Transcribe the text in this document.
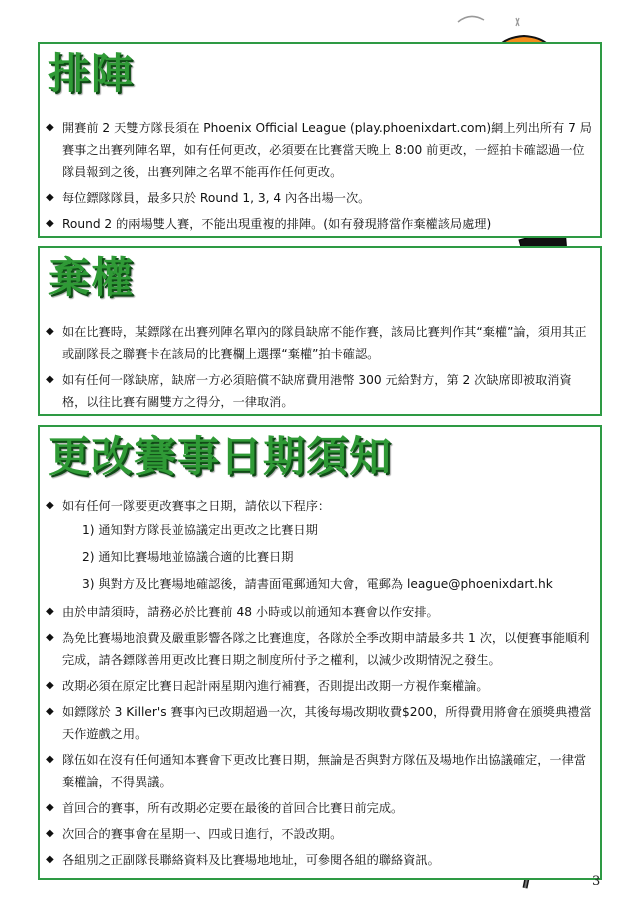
排陣
◆ 開賽前 2 天雙方隊長須在 Phoenix Official League (play.phoenixdart.com)網上列出所有 7 局賽事之出賽列陣名單，如有任何更改，必須要在比賽當天晚上 8:00 前更改，一經拍卡確認過一位隊員報到之後，出賽列陣之名單不能再作任何更改。
◆ 每位鏢隊隊員，最多只於 Round 1, 3, 4 內各出場一次。
◆ Round 2 的兩場雙人賽，不能出現重複的排陣。(如有發現將當作棄權該局處理)
棄權
◆ 如在比賽時，某鏢隊在出賽列陣名單內的隊員缺席不能作賽，該局比賽判作其“棄權”論，須用其正或副隊長之聯賽卡在該局的比賽欄上選擇“棄權”拍卡確認。
◆ 如有任何一隊缺席，缺席一方必須賠償不缺席費用港幣 300 元給對方，第 2 次缺席即被取消資格，以往比賽有關雙方之得分，一律取消。
更改賽事日期須知
◆ 如有任何一隊要更改賽事之日期，請依以下程序：
1) 通知對方隊長並協議定出更改之比賽日期
2) 通知比賽場地並協議合適的比賽日期
3) 與對方及比賽場地確認後，請書面電郵通知大會，電郵為 league@phoenixdart.hk
◆ 由於申請須時，請務必於比賽前 48 小時或以前通知本賽會以作安排。
◆ 為免比賽場地浪費及嚴重影響各隊之比賽進度，各隊於全季改期申請最多共 1 次，以便賽事能順利完成，請各鏢隊善用更改比賽日期之制度所付予之權利，以減少改期情況之發生。
◆ 改期必須在原定比賽日起計兩星期內進行補賽，否則提出改期一方視作棄權論。
◆ 如鏢隊於 3 Killer's 賽事內已改期超過一次，其後每場改期收費$200，所得費用將會在頒獎典禮當天作遊戲之用。
◆ 隊伍如在沒有任何通知本賽會下更改比賽日期，無論是否與對方隊伍及場地作出協議確定，一律當棄權論，不得異議。
◆ 首回合的賽事，所有改期必定要在最後的首回合比賽日前完成。
◆ 次回合的賽事會在星期一、四或日進行，不設改期。
◆ 各組別之正副隊長聯絡資料及比賽場地地址，可參閱各組的聯絡資訊。
3
